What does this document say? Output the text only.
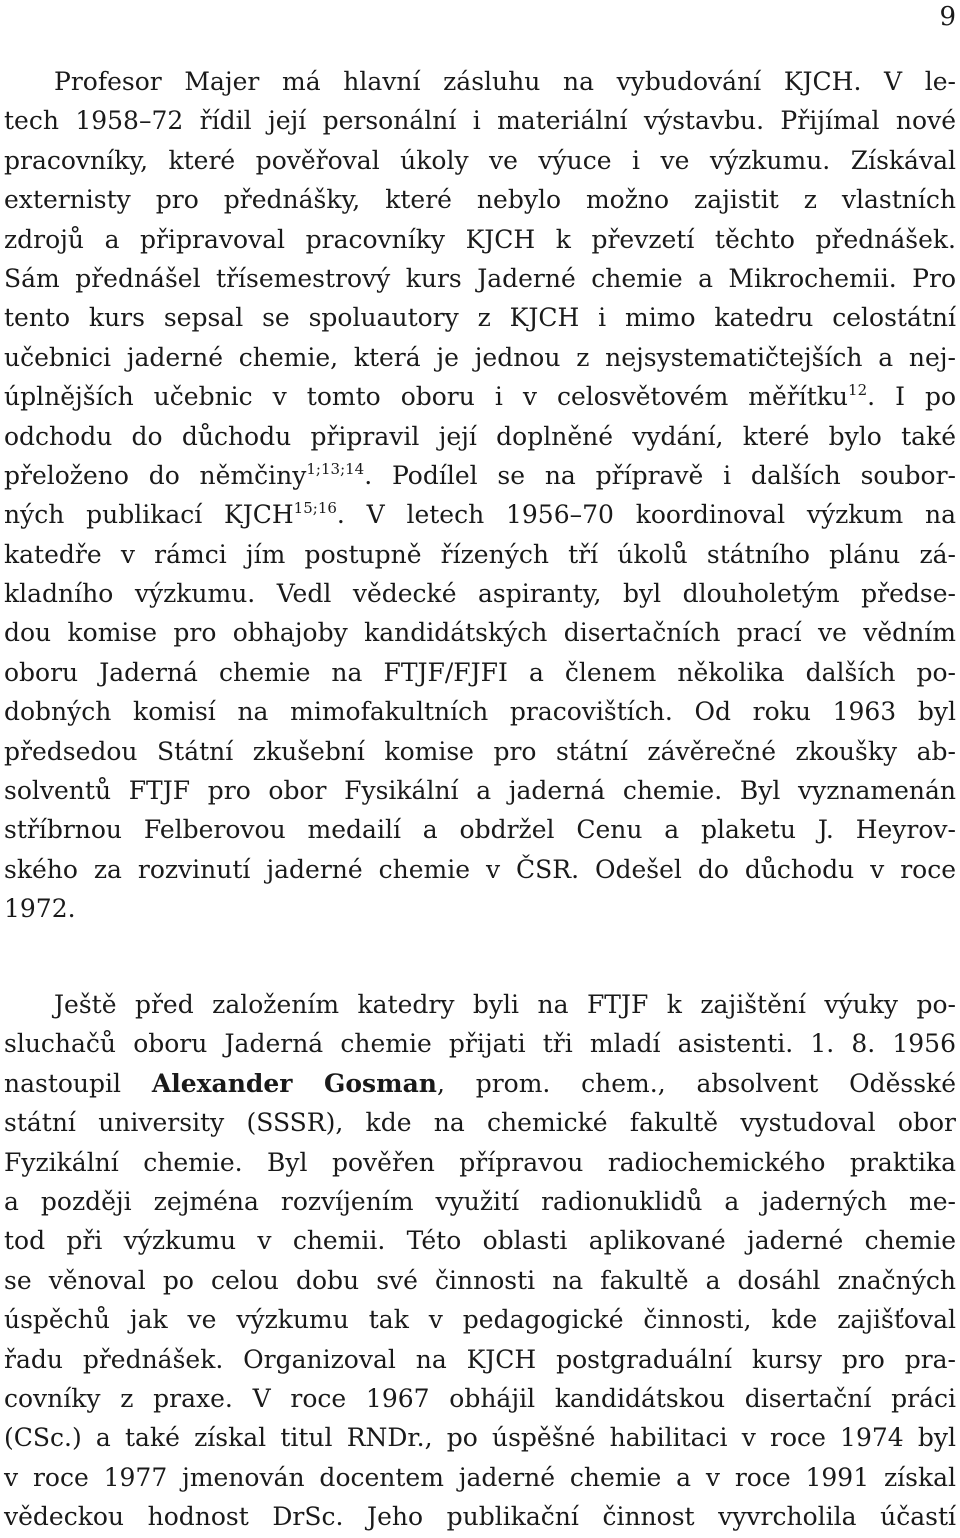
9
Profesor Majer má hlavní zásluhu na vybudování KJCH. V le-
tech 1958–72 řídil její personální i materiální výstavbu. Přijímal nové
pracovníky, které pověřoval úkoly ve výuce i ve výzkumu. Získával
externisty pro přednášky, které nebylo možno zajistit z vlastních
zdrojů a připravoval pracovníky KJCH k převzetí těchto přednášek.
Sám přednášel třísemestrový kurs Jaderné chemie a Mikrochemii. Pro
tento kurs sepsal se spoluautory z KJCH i mimo katedru celostátní
učebnici jaderné chemie, která je jednou z nejsystematičtejších a nej-
úplnějších učebnic v tomto oboru i v celosvětovém měřítku$^{12}$. I po
odchodu do důchodu připravil její doplněné vydání, které bylo také
přeloženo do němčiny$^{1;13;14}$. Podílel se na přípravě i dalších soubor-
ných publikací KJCH$^{15;16}$. V letech 1956–70 koordinoval výzkum na
katedře v rámci jím postupně řízených tří úkolů státního plánu zá-
kladního výzkumu. Vedl vědecké aspiranty, byl dlouholetým předse-
dou komise pro obhajoby kandidátských disertačních prací ve vědním
oboru Jaderná chemie na FTJF/FJFI a členem několika dalších po-
dobných komisí na mimofakultních pracovištích. Od roku 1963 byl
předsedou Státní zkušební komise pro státní závěrečné zkoušky ab-
solventů FTJF pro obor Fysikální a jaderná chemie. Byl vyznamenán
stříbrnou Felberovou medailí a obdržel Cenu a plaketu J. Heyrov-
ského za rozvinutí jaderné chemie v ČSR. Odešel do důchodu v roce
1972.
Ještě před založením katedry byli na FTJF k zajištění výuky po-
sluchačů oboru Jaderná chemie přijati tři mladí asistenti. 1. 8. 1956
nastoupil Alexander Gosman, prom. chem., absolvent Oděsské
státní university (SSSR), kde na chemické fakultě vystudoval obor
Fyzikální chemie. Byl pověřen přípravou radiochemického praktika
a později zejména rozvíjením využití radionuklidů a jaderných me-
tod při výzkumu v chemii. Této oblasti aplikované jaderné chemie
se věnoval po celou dobu své činnosti na fakultě a dosáhl značných
úspěchů jak ve výzkumu tak v pedagogické činnosti, kde zajišťoval
řadu přednášek. Organizoval na KJCH postgraduální kursy pro pra-
covníky z praxe. V roce 1967 obhájil kandidátskou disertační práci
(CSc.) a také získal titul RNDr., po úspěšné habilitaci v roce 1974 byl
v roce 1977 jmenován docentem jaderné chemie a v roce 1991 získal
vědeckou hodnost DrSc. Jeho publikační činnost vyvrcholila účastí
